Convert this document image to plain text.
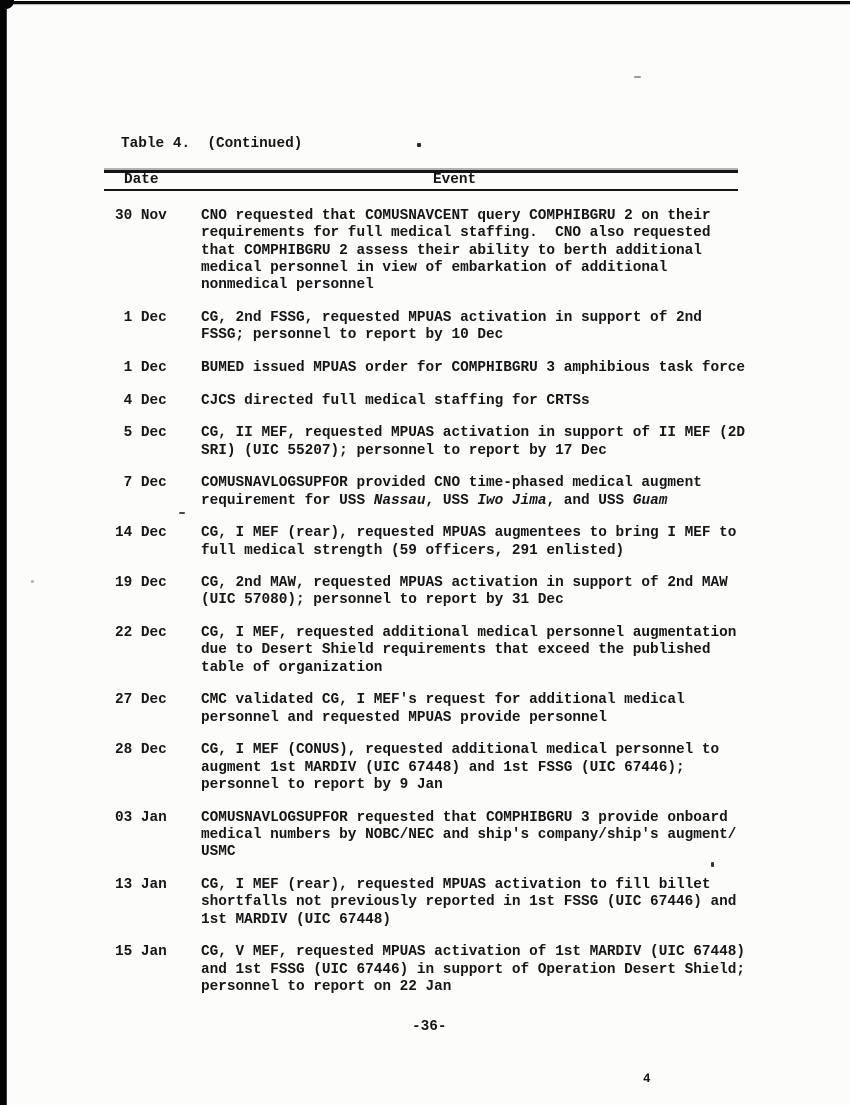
Table 4.  (Continued)
Date	Event
30 Nov	CNO requested that COMUSNAVCENT query COMPHIBGRU 2 on their
requirements for full medical staffing.  CNO also requested
that COMPHIBGRU 2 assess their ability to berth additional
medical personnel in view of embarkation of additional
nonmedical personnel
1 Dec	CG, 2nd FSSG, requested MPUAS activation in support of 2nd
FSSG; personnel to report by 10 Dec
1 Dec	BUMED issued MPUAS order for COMPHIBGRU 3 amphibious task force
4 Dec	CJCS directed full medical staffing for CRTSs
5 Dec	CG, II MEF, requested MPUAS activation in support of II MEF (2D
SRI) (UIC 55207); personnel to report by 17 Dec
7 Dec	COMUSNAVLOGSUPFOR provided CNO time-phased medical augment
requirement for USS Nassau, USS Iwo Jima, and USS Guam
14 Dec	CG, I MEF (rear), requested MPUAS augmentees to bring I MEF to
full medical strength (59 officers, 291 enlisted)
19 Dec	CG, 2nd MAW, requested MPUAS activation in support of 2nd MAW
(UIC 57080); personnel to report by 31 Dec
22 Dec	CG, I MEF, requested additional medical personnel augmentation
due to Desert Shield requirements that exceed the published
table of organization
27 Dec	CMC validated CG, I MEF's request for additional medical
personnel and requested MPUAS provide personnel
28 Dec	CG, I MEF (CONUS), requested additional medical personnel to
augment 1st MARDIV (UIC 67448) and 1st FSSG (UIC 67446);
personnel to report by 9 Jan
03 Jan	COMUSNAVLOGSUPFOR requested that COMPHIBGRU 3 provide onboard
medical numbers by NOBC/NEC and ship's company/ship's augment/
USMC
13 Jan	CG, I MEF (rear), requested MPUAS activation to fill billet
shortfalls not previously reported in 1st FSSG (UIC 67446) and
1st MARDIV (UIC 67448)
15 Jan	CG, V MEF, requested MPUAS activation of 1st MARDIV (UIC 67448)
and 1st FSSG (UIC 67446) in support of Operation Desert Shield;
personnel to report on 22 Jan
-36-
4
